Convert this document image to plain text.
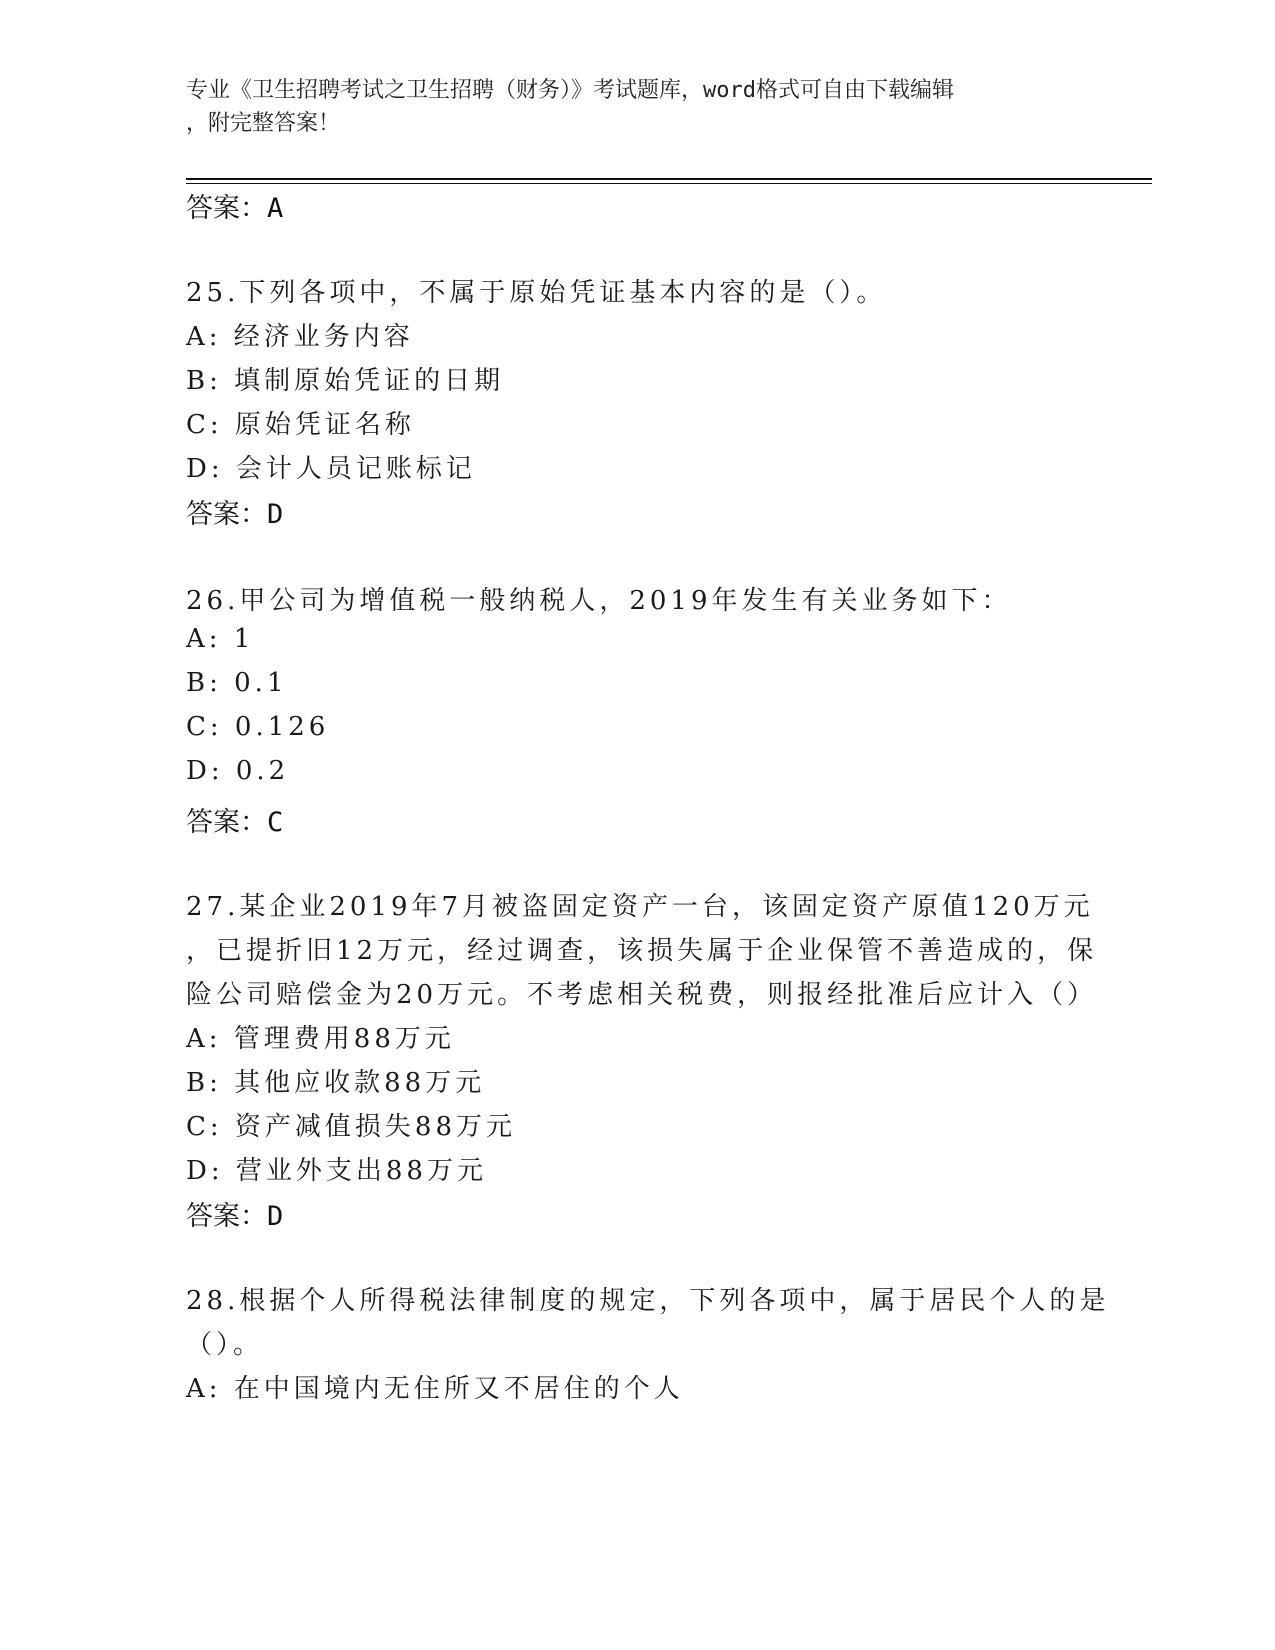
专业《卫生招聘考试之卫生招聘（财务）》考试题库，word格式可自由下载编辑
，附完整答案！
答案：A
25.下列各项中，不属于原始凭证基本内容的是（）。
A: 经济业务内容
B: 填制原始凭证的日期
C: 原始凭证名称
D: 会计人员记账标记
答案：D
26.甲公司为增值税一般纳税人，2019年发生有关业务如下：
A: 1
B: 0.1
C: 0.126
D: 0.2
答案：C
27.某企业2019年7月被盗固定资产一台，该固定资产原值120万元
，已提折旧12万元，经过调查，该损失属于企业保管不善造成的，保
险公司赔偿金为20万元。不考虑相关税费，则报经批准后应计入（）
A: 管理费用88万元
B: 其他应收款88万元
C: 资产减值损失88万元
D: 营业外支出88万元
答案：D
28.根据个人所得税法律制度的规定，下列各项中，属于居民个人的是
（）。
A: 在中国境内无住所又不居住的个人
